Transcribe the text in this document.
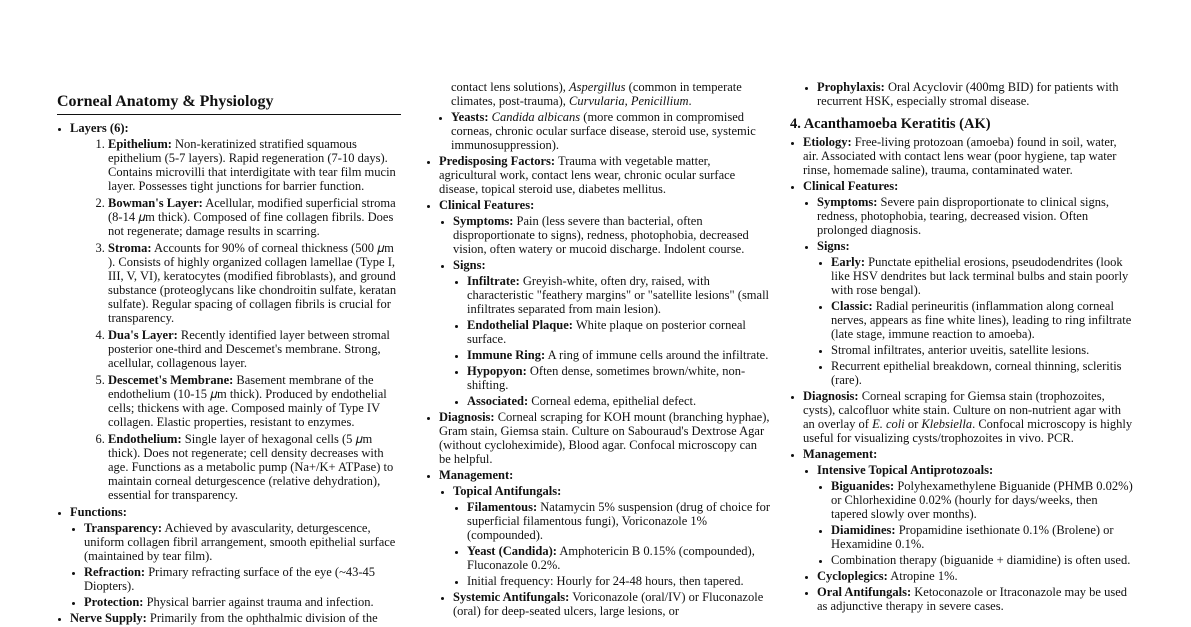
Corneal Anatomy & Physiology
• Layers (6):
1. Epithelium: Non-keratinized stratified squamous epithelium (5-7 layers). Rapid regeneration (7-10 days). Contains microvilli that interdigitate with tear film mucin layer. Possesses tight junctions for barrier function.
2. Bowman's Layer: Acellular, modified superficial stroma (8-14 𝜇m thick). Composed of fine collagen fibrils. Does not regenerate; damage results in scarring.
3. Stroma: Accounts for 90% of corneal thickness (500 𝜇m ). Consists of highly organized collagen lamellae (Type I, III, V, VI), keratocytes (modified fibroblasts), and ground substance (proteoglycans like chondroitin sulfate, keratan sulfate). Regular spacing of collagen fibrils is crucial for transparency.
4. Dua's Layer: Recently identified layer between stromal posterior one-third and Descemet's membrane. Strong, acellular, collagenous layer.
5. Descemet's Membrane: Basement membrane of the endothelium (10-15 𝜇m thick). Produced by endothelial cells; thickens with age. Composed mainly of Type IV collagen. Elastic properties, resistant to enzymes.
6. Endothelium: Single layer of hexagonal cells (5 𝜇m thick). Does not regenerate; cell density decreases with age. Functions as a metabolic pump (Na+/K+ ATPase) to maintain corneal deturgescence (relative dehydration), essential for transparency.
• Functions:
• Transparency: Achieved by avascularity, deturgescence, uniform collagen fibril arrangement, smooth epithelial surface (maintained by tear film).
• Refraction: Primary refracting surface of the eye (~43-45 Diopters).
• Protection: Physical barrier against trauma and infection.
• Nerve Supply: Primarily from the ophthalmic division of the

contact lens solutions), Aspergillus (common in temperate climates, post-trauma), Curvularia, Penicillium.

• Yeasts: Candida albicans (more common in compromised corneas, chronic ocular surface disease, steroid use, systemic immunosuppression).
• Predisposing Factors: Trauma with vegetable matter, agricultural work, contact lens wear, chronic ocular surface disease, topical steroid use, diabetes mellitus.
• Clinical Features:
• Symptoms: Pain (less severe than bacterial, often disproportionate to signs), redness, photophobia, decreased vision, often watery or mucoid discharge. Indolent course.
• Signs:
• Infiltrate: Greyish-white, often dry, raised, with characteristic "feathery margins" or "satellite lesions" (small infiltrates separated from main lesion).
• Endothelial Plaque: White plaque on posterior corneal surface.
• Immune Ring: A ring of immune cells around the infiltrate.
• Hypopyon: Often dense, sometimes brown/white, non-shifting.
• Associated: Corneal edema, epithelial defect.
• Diagnosis: Corneal scraping for KOH mount (branching hyphae), Gram stain, Giemsa stain. Culture on Sabouraud's Dextrose Agar (without cycloheximide), Blood agar. Confocal microscopy can be helpful.
• Management:
• Topical Antifungals:
• Filamentous: Natamycin 5% suspension (drug of choice for superficial filamentous fungi), Voriconazole 1% (compounded).
• Yeast (Candida): Amphotericin B 0.15% (compounded), Fluconazole 0.2%.
• Initial frequency: Hourly for 24-48 hours, then tapered.
• Systemic Antifungals: Voriconazole (oral/IV) or Fluconazole (oral) for deep-seated ulcers, large lesions, or
• Prophylaxis: Oral Acyclovir (400mg BID) for patients with recurrent HSK, especially stromal disease.
4. Acanthamoeba Keratitis (AK)
• Etiology: Free-living protozoan (amoeba) found in soil, water, air. Associated with contact lens wear (poor hygiene, tap water rinse, homemade saline), trauma, contaminated water.
• Clinical Features:
• Symptoms: Severe pain disproportionate to clinical signs, redness, photophobia, tearing, decreased vision. Often prolonged diagnosis.
• Signs:
• Early: Punctate epithelial erosions, pseudodendrites (look like HSV dendrites but lack terminal bulbs and stain poorly with rose bengal).
• Classic: Radial perineuritis (inflammation along corneal nerves, appears as fine white lines), leading to ring infiltrate (late stage, immune reaction to amoeba).
• Stromal infiltrates, anterior uveitis, satellite lesions.
• Recurrent epithelial breakdown, corneal thinning, scleritis (rare).
• Diagnosis: Corneal scraping for Giemsa stain (trophozoites, cysts), calcofluor white stain. Culture on non-nutrient agar with an overlay of E. coli or Klebsiella. Confocal microscopy is highly useful for visualizing cysts/trophozoites in vivo. PCR.
• Management:
• Intensive Topical Antiprotozoals:
• Biguanides: Polyhexamethylene Biguanide (PHMB 0.02%) or Chlorhexidine 0.02% (hourly for days/weeks, then tapered slowly over months).
• Diamidines: Propamidine isethionate 0.1% (Brolene) or Hexamidine 0.1%.
• Combination therapy (biguanide + diamidine) is often used.
• Cycloplegics: Atropine 1%.
• Oral Antifungals: Ketoconazole or Itraconazole may be used as adjunctive therapy in severe cases.
